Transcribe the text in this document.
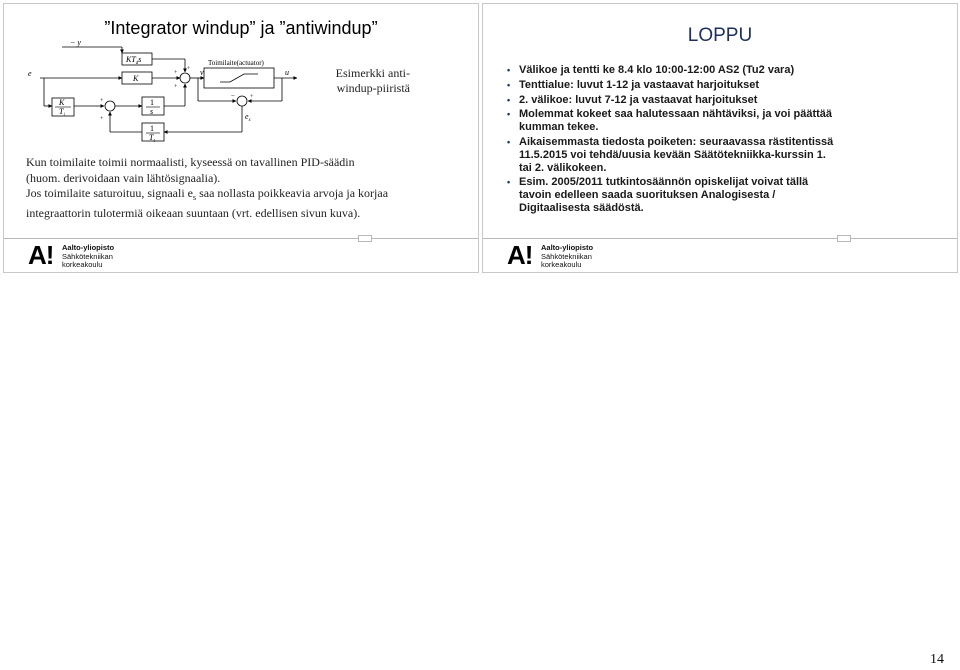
”Integrator windup” ja ”antiwindup”
− y
e
$KT_ds$
K
K
$T_i$
1
s
1
$T_t$
Toimilaite(actuator)
v	u
$e_s$
+
+
+
+
+
−	+
Esimerkki anti-windup-piiristä

Kun toimilaite toimii normaalisti, kyseessä on tavallinen PID-säädin

(huom. derivoidaan vain lähtösignaalia).

Jos toimilaite saturoituu, signaali $e_s$ saa nollasta poikkeavia arvoja ja korjaa

integraattorin tulotermiä oikeaan suuntaan (vrt. edellisen sivun kuva).

A! Aalto-yliopisto
Sähkötekniikan
korkeakoulu
LOPPU
• Välikoe ja tentti ke 8.4 klo 10:00-12:00 AS2 (Tu2 vara)
• Tenttialue: luvut 1-12 ja vastaavat harjoitukset
• 2. välikoe: luvut 7-12 ja vastaavat harjoitukset
• Molemmat kokeet saa halutessaan nähtäviksi, ja voi päättää kumman tekee.
• Aikaisemmasta tiedosta poiketen: seuraavassa rästitentissä 11.5.2015 voi tehdä/uusia kevään Säätötekniikka-kurssin 1. tai 2. välikokeen.
• Esim. 2005/2011 tutkintosäännön opiskelijat voivat tällä tavoin edelleen saada suorituksen Analogisesta / Digitaalisesta säädöstä.
A! Aalto-yliopisto
Sähkötekniikan
korkeakoulu
14
